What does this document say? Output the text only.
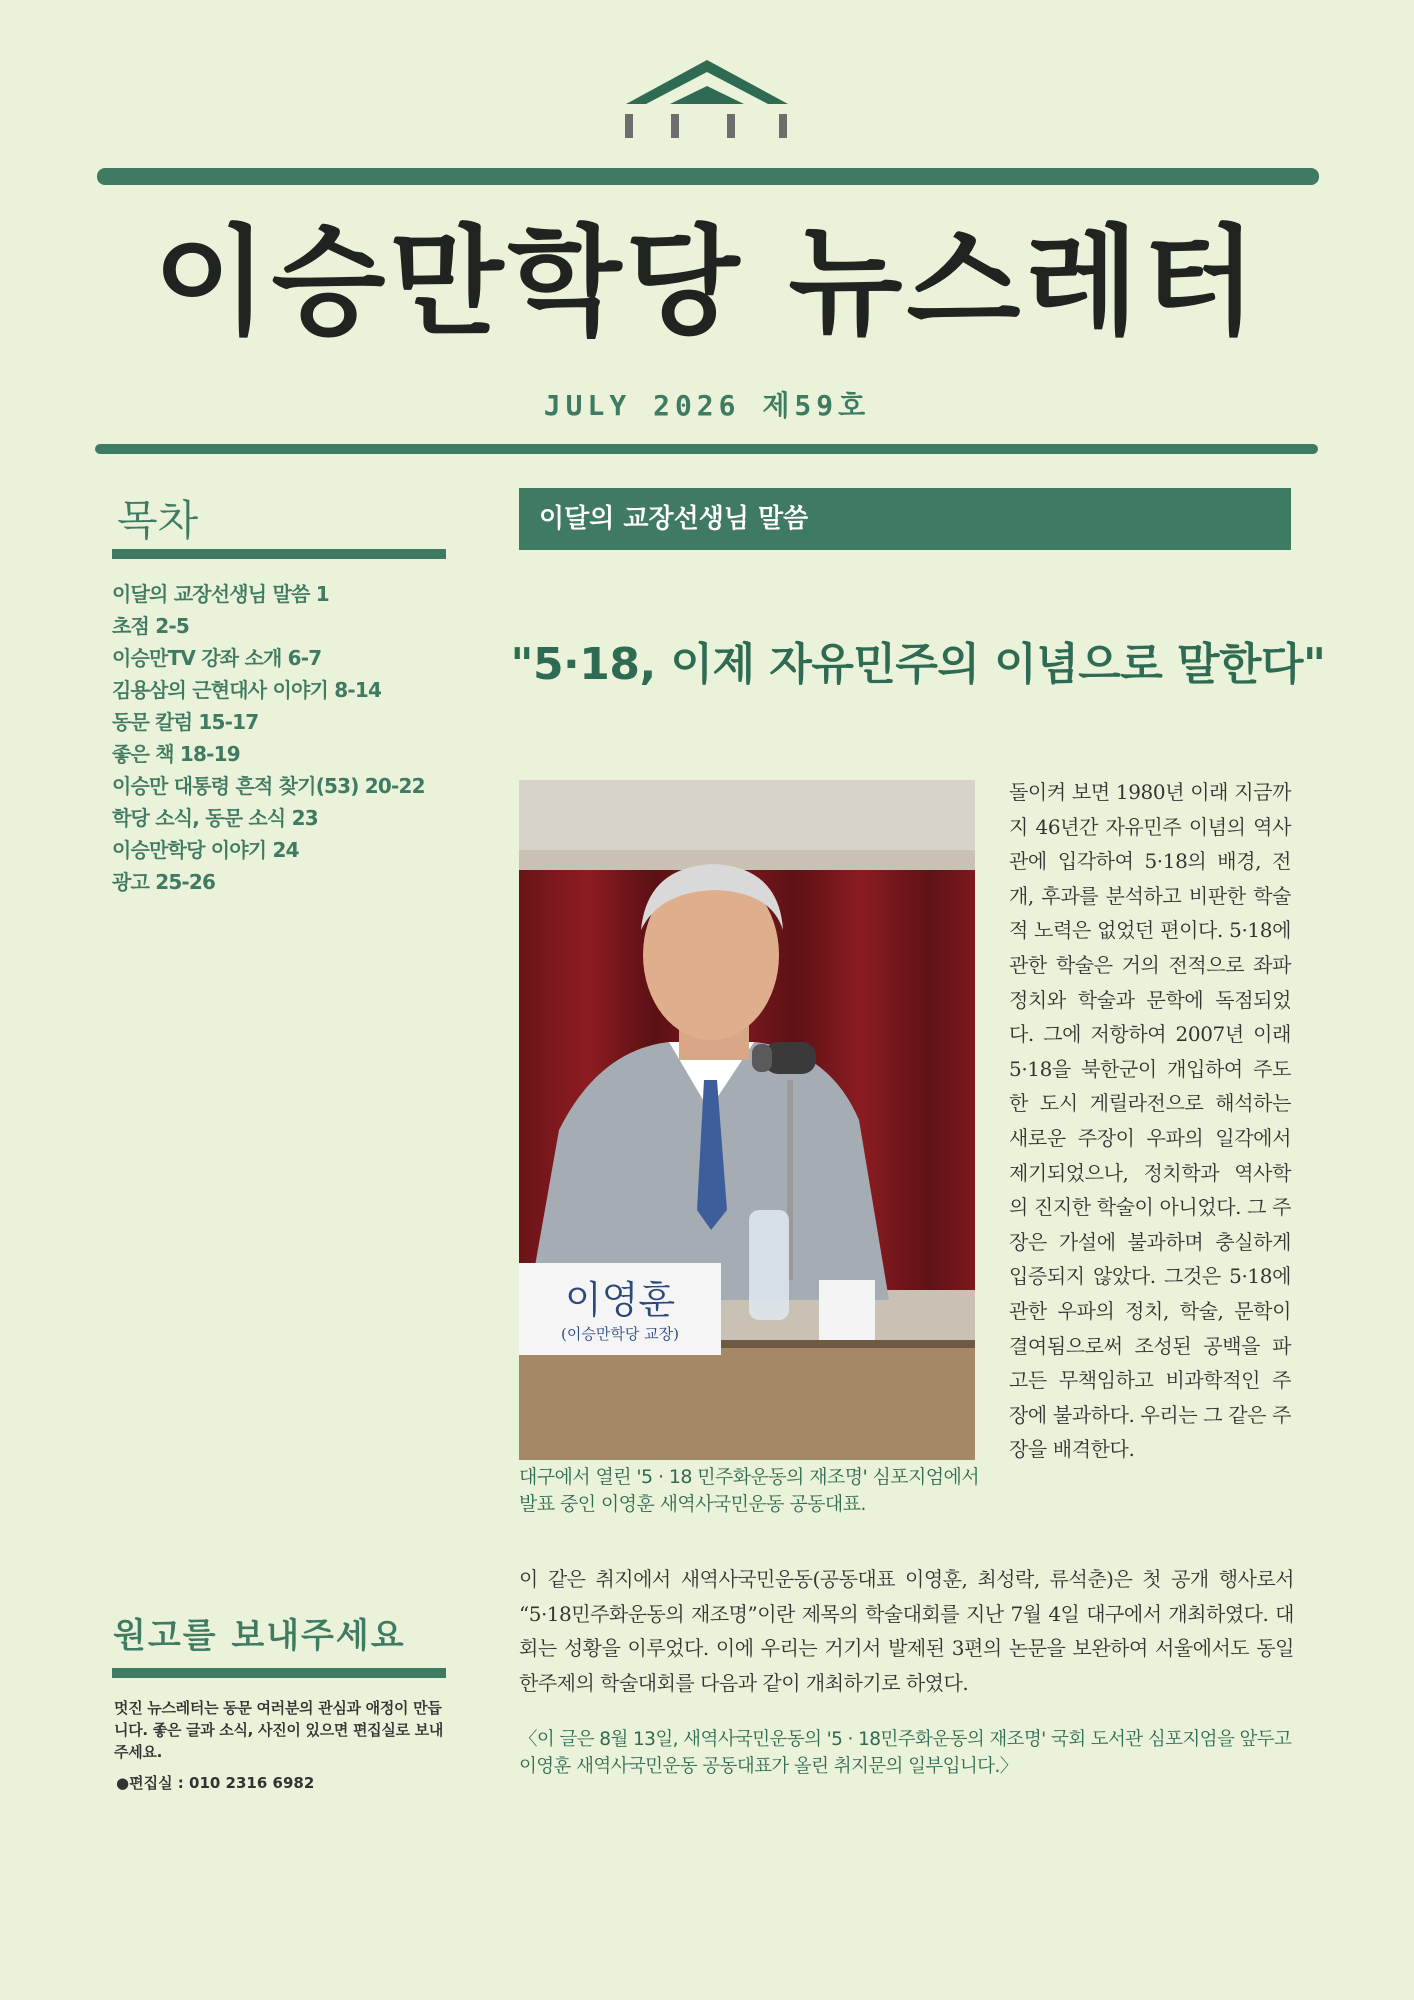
이승만학당 뉴스레터
JULY 2026 제59호
목차
이달의 교장선생님 말씀 1
초점 2-5
이승만TV 강좌 소개 6-7
김용삼의 근현대사 이야기 8-14
동문 칼럼 15-17
좋은 책 18-19
이승만 대통령 흔적 찾기(53) 20-22
학당 소식, 동문 소식 23
이승만학당 이야기 24
광고 25-26
원고를 보내주세요

멋진 뉴스레터는 동문 여러분의 관심과 애정이 만듭니다. 좋은 글과 소식, 사진이 있으면 편집실로 보내주세요.

●편집실 : 010 2316 6982
이달의 교장선생님 말씀
"5·18, 이제 자유민주의 이념으로 말한다"
이영훈
(이승만학당 교장)

대구에서 열린 '5 · 18 민주화운동의 재조명' 심포지엄에서 발표 중인 이영훈 새역사국민운동 공동대표.

돌이켜 보면 1980년 이래 지금까지 46년간 자유민주 이념의 역사관에 입각하여 5·18의 배경, 전개, 후과를 분석하고 비판한 학술적 노력은 없었던 편이다. 5·18에 관한 학술은 거의 전적으로 좌파 정치와 학술과 문학에 독점되었다. 그에 저항하여 2007년 이래 5·18을 북한군이 개입하여 주도한 도시 게릴라전으로 해석하는 새로운 주장이 우파의 일각에서 제기되었으나, 정치학과 역사학의 진지한 학술이 아니었다. 그 주장은 가설에 불과하며 충실하게 입증되지 않았다. 그것은 5·18에 관한 우파의 정치, 학술, 문학이 결여됨으로써 조성된 공백을 파고든 무책임하고 비과학적인 주장에 불과하다. 우리는 그 같은 주장을 배격한다.

이 같은 취지에서 새역사국민운동(공동대표 이영훈, 최성락, 류석춘)은 첫 공개 행사로서 “5·18민주화운동의 재조명”이란 제목의 학술대회를 지난 7월 4일 대구에서 개최하였다. 대회는 성황을 이루었다. 이에 우리는 거기서 발제된 3편의 논문을 보완하여 서울에서도 동일한주제의 학술대회를 다음과 같이 개최하기로 하였다.

〈이 글은 8월 13일, 새역사국민운동의 '5 · 18민주화운동의 재조명' 국회 도서관 심포지엄을 앞두고 이영훈 새역사국민운동 공동대표가 올린 취지문의 일부입니다.〉
